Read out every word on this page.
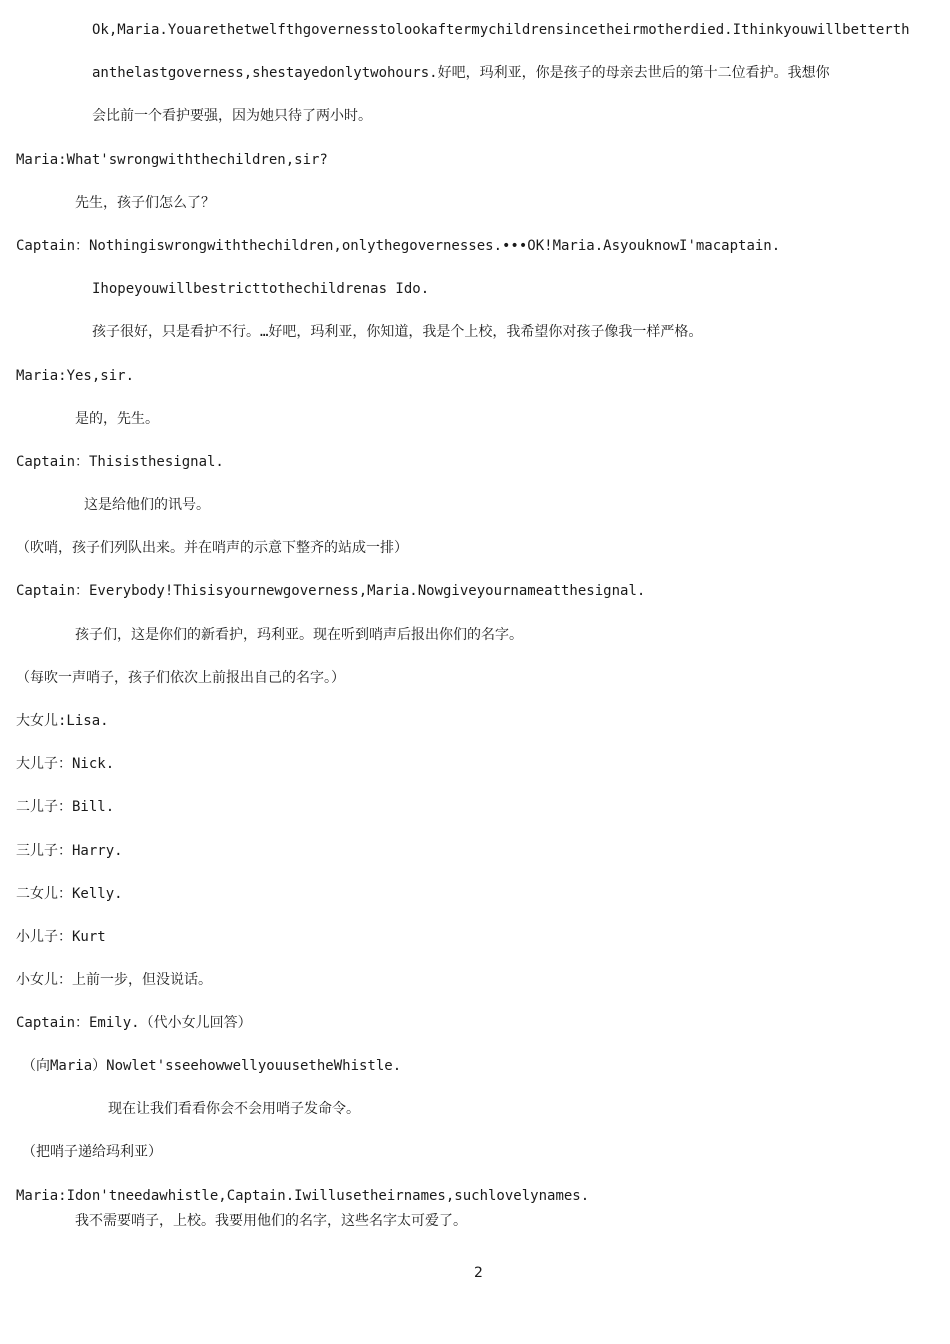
Ok,Maria.Youarethetwelfthgovernesstolookaftermychildrensincetheirmotherdied.Ithinkyouwillbetterth
anthelastgoverness,shestayedonlytwohours.好吧，玛利亚，你是孩子的母亲去世后的第十二位看护。我想你
会比前一个看护要强，因为她只待了两小时。
Maria:What'swrongwiththechildren,sir?
先生，孩子们怎么了？
Captain：Nothingiswrongwiththechildren,onlythegovernesses.•••OK!Maria.AsyouknowI'macaptain.
Ihopeyouwillbestricttothechildrenas Ido.
孩子很好，只是看护不行。…好吧，玛利亚，你知道，我是个上校，我希望你对孩子像我一样严格。
Maria:Yes,sir.
是的，先生。
Captain：Thisisthesignal.
这是给他们的讯号。
（吹哨，孩子们列队出来。并在哨声的示意下整齐的站成一排）
Captain：Everybody!Thisisyournewgoverness,Maria.Nowgiveyournameatthesignal.
孩子们，这是你们的新看护，玛利亚。现在听到哨声后报出你们的名字。
（每吹一声哨子，孩子们依次上前报出自己的名字。）
大女儿:Lisa.
大儿子：Nick.
二儿子：Bill.
三儿子：Harry.
二女儿：Kelly.
小儿子：Kurt
小女儿：上前一步，但没说话。
Captain：Emily.（代小女儿回答）
（向Maria）Nowlet'sseehowwellyouusetheWhistle.
现在让我们看看你会不会用哨子发命令。
（把哨子递给玛利亚）
Maria:Idon'tneedawhistle,Captain.Iwillusetheirnames,suchlovelynames.
我不需要哨子，上校。我要用他们的名字，这些名字太可爱了。
2
